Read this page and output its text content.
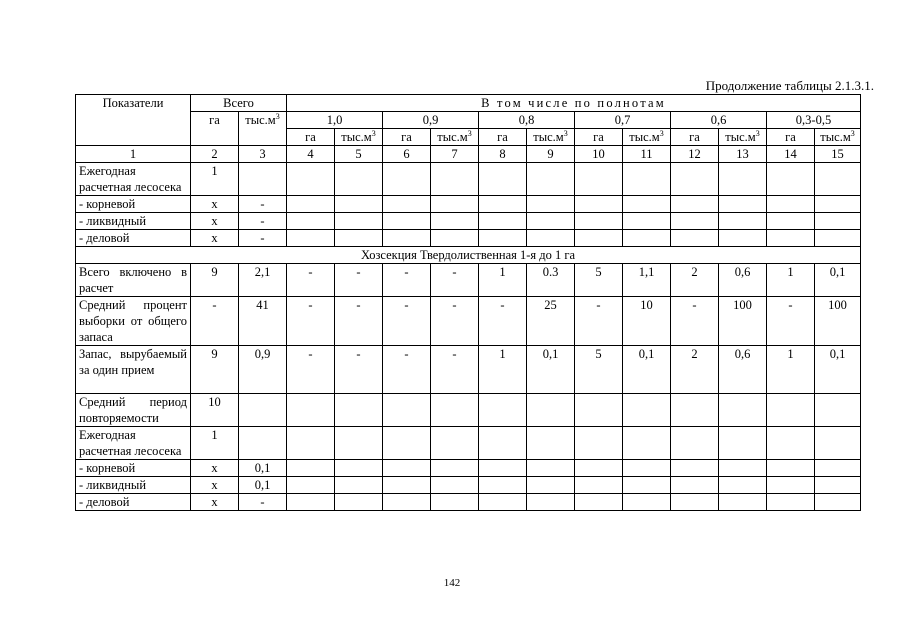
Продолжение таблицы 2.1.3.1.
Показатели	Всего		В том числе по полнотам											
	га	$тыс.м^3$	1,0		0,9		0,8		0,7		0,6		0,3-0,5	
			га	$тыс.м^3$	га	$тыс.м^3$	га	$тыс.м^3$	га	$тыс.м^3$	га	$тыс.м^3$	га	$тыс.м^3$
1	2	3	4	5	6	7	8	9	10	11	12	13	14	15
Ежегодная расчетная лесосека	1													
- корневой	x	-												
- ликвидный	x	-												
- деловой	x	-												
Хозсекция Твердолиственная 1-я до 1 га														
Всего включено в расчет	9	2,1	-	-	-	-	1	0.3	5	1,1	2	0,6	1	0,1
Средний процент выборки от общего запаса	-	41	-	-	-	-	-	25	-	10	-	100	-	100
Запас, вырубаемый за один прием	9	0,9	-	-	-	-	1	0,1	5	0,1	2	0,6	1	0,1
Средний период повторяемости	10													
Ежегодная расчетная лесосека	1													
- корневой	x	0,1												
- ликвидный	x	0,1												
- деловой	x	-												
142
